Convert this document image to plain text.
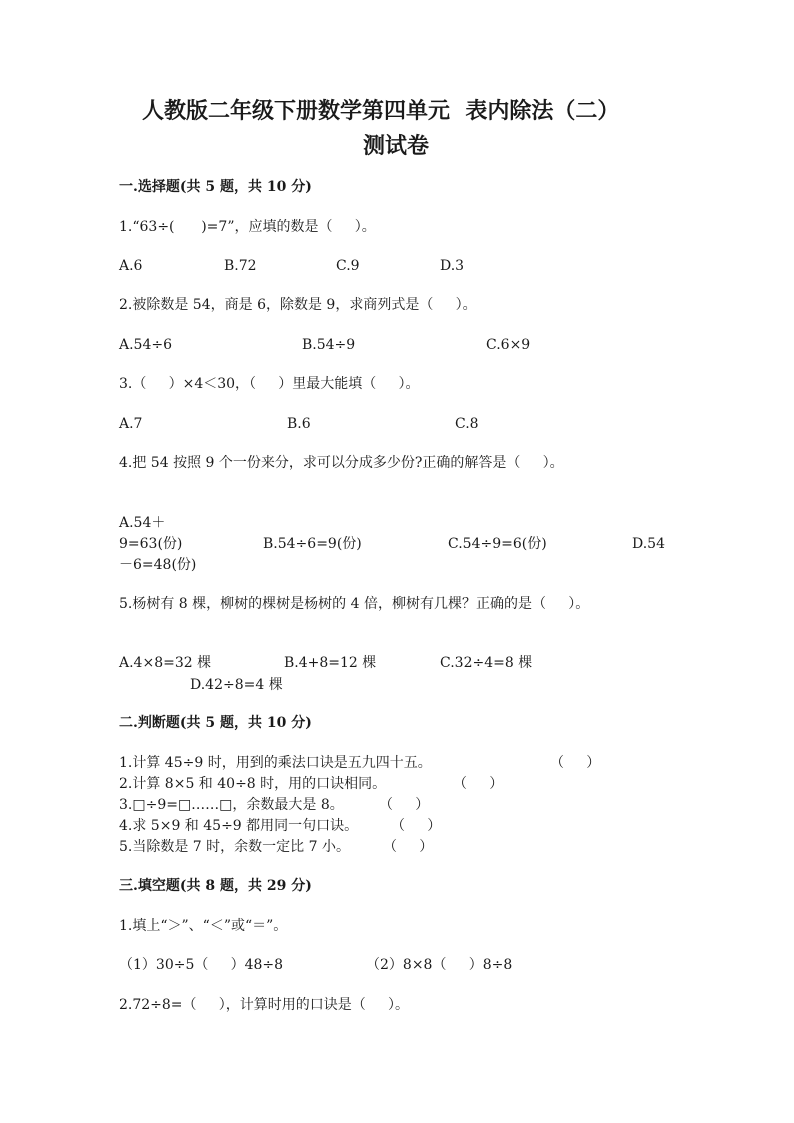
人教版二年级下册数学第四单元  表内除法（二）
测试卷
一.选择题(共 5 题，共 10 分)
1.“63÷(      )=7”，应填的数是（     ）。
A.6	B.72	C.9	D.3
2.被除数是 54，商是 6，除数是 9，求商列式是（     ）。
A.54÷6	B.54÷9	C.6×9
3.（     ）×4＜30，（     ）里最大能填（     ）。
A.7	B.6	C.8
4.把 54 按照 9 个一份来分，求可以分成多少份?正确的解答是（     ）。
A.54＋
9=63(份)	B.54÷6=9(份)	C.54÷9=6(份)	D.54
－6=48(份)
5.杨树有 8 棵，柳树的棵树是杨树的 4 倍，柳树有几棵？正确的是（     ）。
A.4×8=32 棵	B.4+8=12 棵	C.32÷4=8 棵
D.42÷8=4 棵
二.判断题(共 5 题，共 10 分)
1.计算 45÷9 时，用到的乘法口诀是五九四十五。	（     ）
2.计算 8×5 和 40÷8 时，用的口诀相同。	（     ）
3.□÷9=□……□，余数最大是 8。	（     ）
4.求 5×9 和 45÷9 都用同一句口诀。 （     ）
5.当除数是 7 时，余数一定比 7 小。 （     ）
三.填空题(共 8 题，共 29 分)
1.填上“＞”、“＜”或“＝”。
（1）30÷5（     ）48÷8	（2）8×8（     ）8÷8
2.72÷8=（     ），计算时用的口诀是（     ）。
